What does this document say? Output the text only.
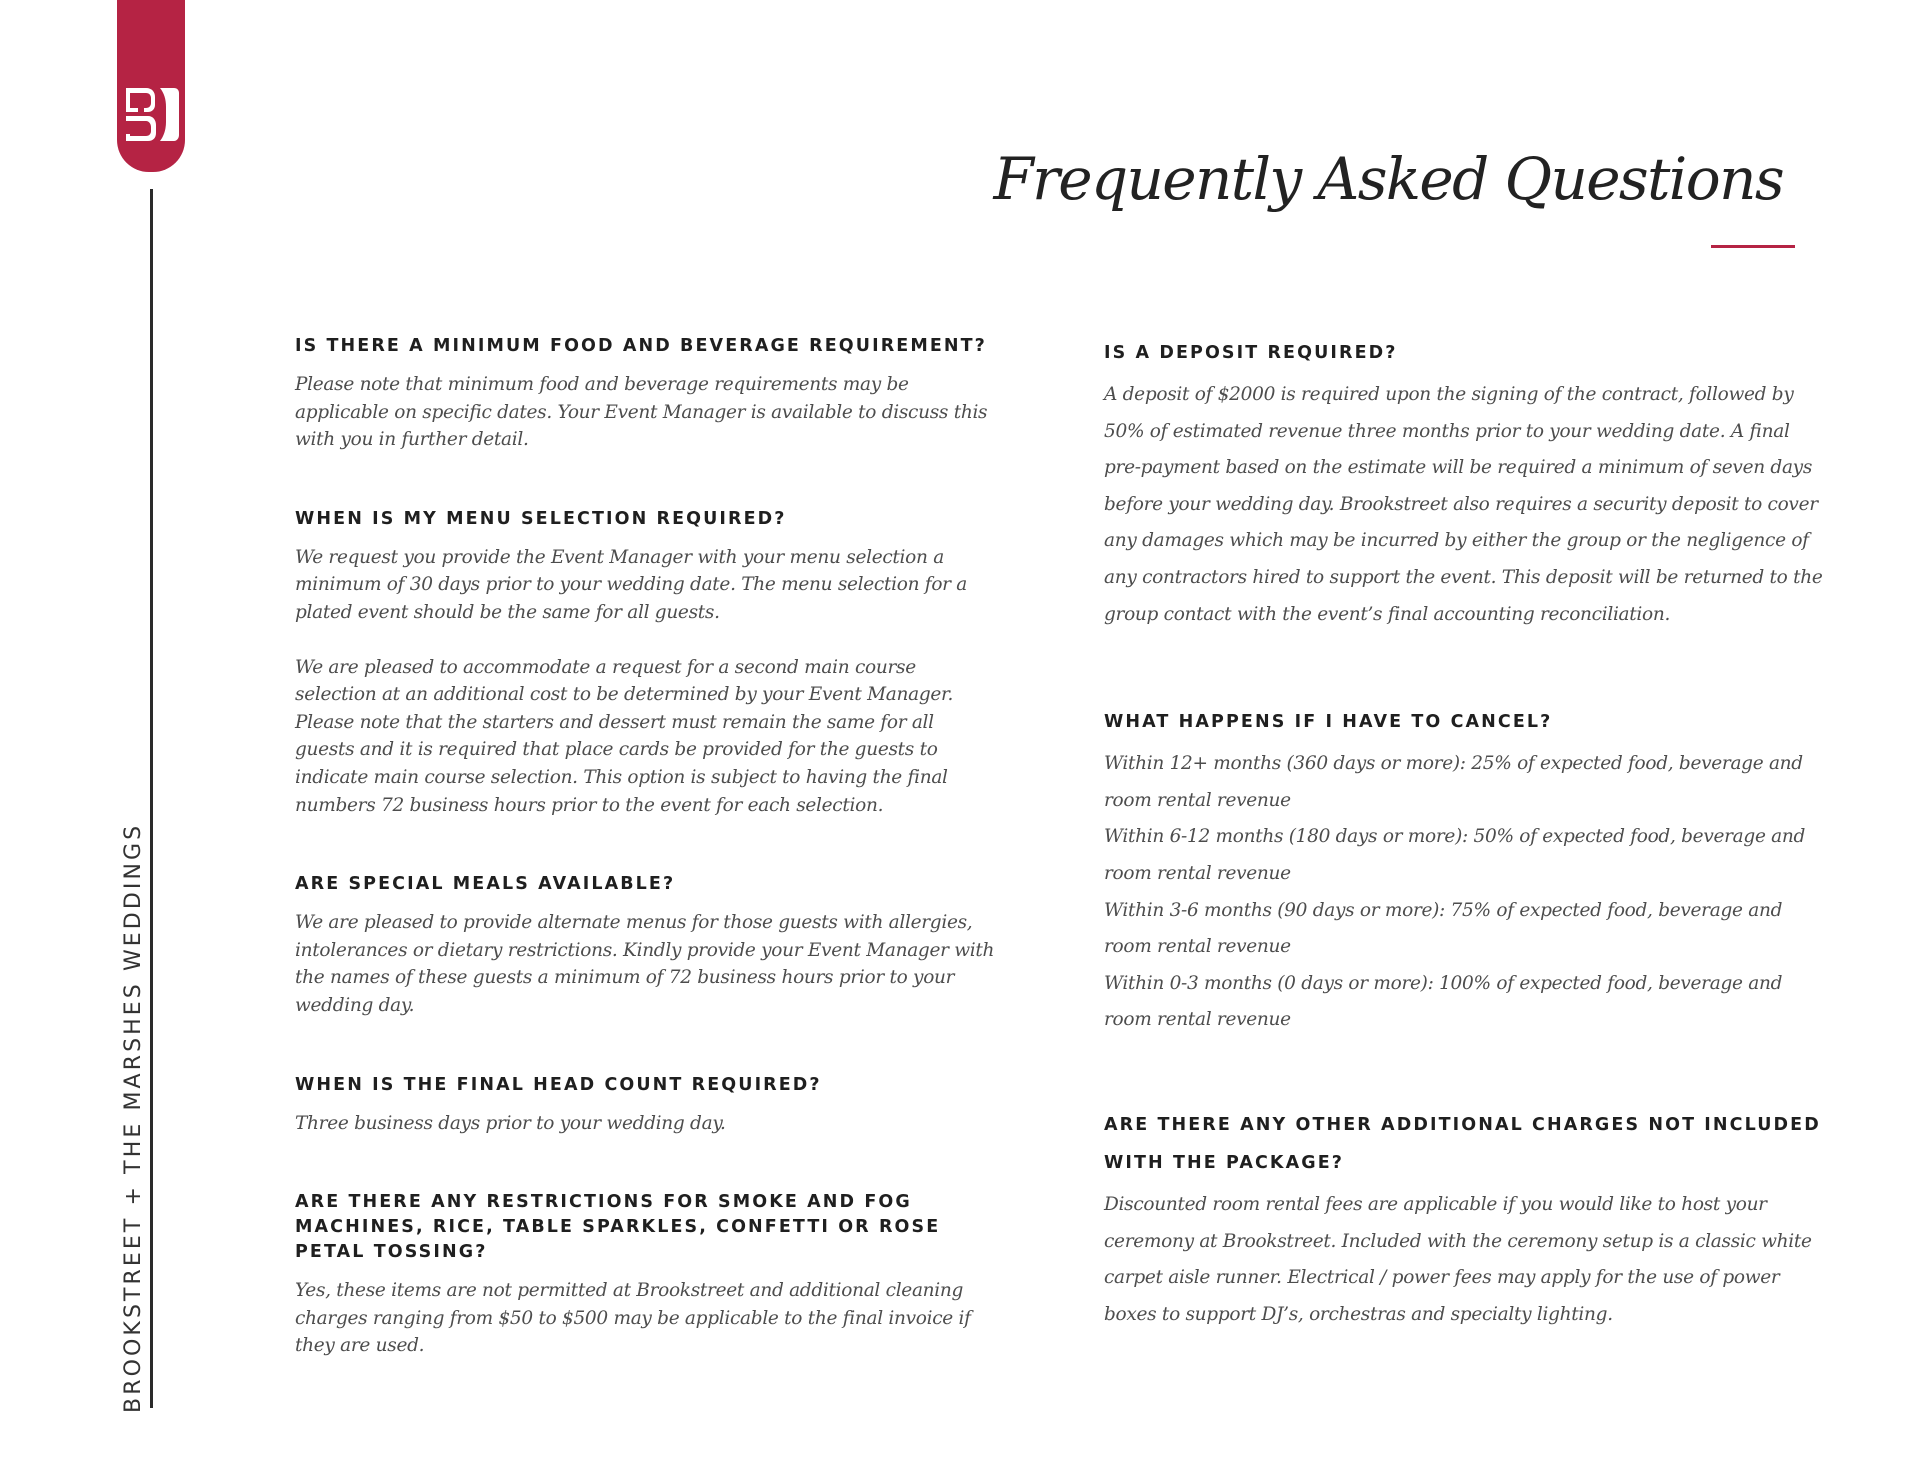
BROOKSTREET + THE MARSHES WEDDINGS
Frequently Asked Questions
IS THERE A MINIMUM FOOD AND BEVERAGE REQUIREMENT?

Please note that minimum food and beverage requirements may be applicable on specific dates. Your Event Manager is available to discuss this with you in further detail.

WHEN IS MY MENU SELECTION REQUIRED?

We request you provide the Event Manager with your menu selection a minimum of 30 days prior to your wedding date. The menu selection for a plated event should be the same for all guests.

We are pleased to accommodate a request for a second main course selection at an additional cost to be determined by your Event Manager. Please note that the starters and dessert must remain the same for all guests and it is required that place cards be provided for the guests to indicate main course selection. This option is subject to having the final numbers 72 business hours prior to the event for each selection.

ARE SPECIAL MEALS AVAILABLE?

We are pleased to provide alternate menus for those guests with allergies, intolerances or dietary restrictions. Kindly provide your Event Manager with the names of these guests a minimum of 72 business hours prior to your wedding day.

WHEN IS THE FINAL HEAD COUNT REQUIRED?

Three business days prior to your wedding day.

ARE THERE ANY RESTRICTIONS FOR SMOKE AND FOG MACHINES, RICE, TABLE SPARKLES, CONFETTI OR ROSE PETAL TOSSING?

Yes, these items are not permitted at Brookstreet and additional cleaning charges ranging from $50 to $500 may be applicable to the final invoice if they are used.

IS A DEPOSIT REQUIRED?

A deposit of $2000 is required upon the signing of the contract, followed by 50% of estimated revenue three months prior to your wedding date. A final pre-payment based on the estimate will be required a minimum of seven days before your wedding day. Brookstreet also requires a security deposit to cover any damages which may be incurred by either the group or the negligence of any contractors hired to support the event. This deposit will be returned to the group contact with the event’s final accounting reconciliation.

WHAT HAPPENS IF I HAVE TO CANCEL?

Within 12+ months (360 days or more): 25% of expected food, beverage and room rental revenue

Within 6-12 months (180 days or more): 50% of expected food, beverage and room rental revenue

Within 3-6 months (90 days or more): 75% of expected food, beverage and room rental revenue

Within 0-3 months (0 days or more): 100% of expected food, beverage and room rental revenue

ARE THERE ANY OTHER ADDITIONAL CHARGES NOT INCLUDED WITH THE PACKAGE?

Discounted room rental fees are applicable if you would like to host your ceremony at Brookstreet. Included with the ceremony setup is a classic white carpet aisle runner. Electrical / power fees may apply for the use of power boxes to support DJ’s, orchestras and specialty lighting.
